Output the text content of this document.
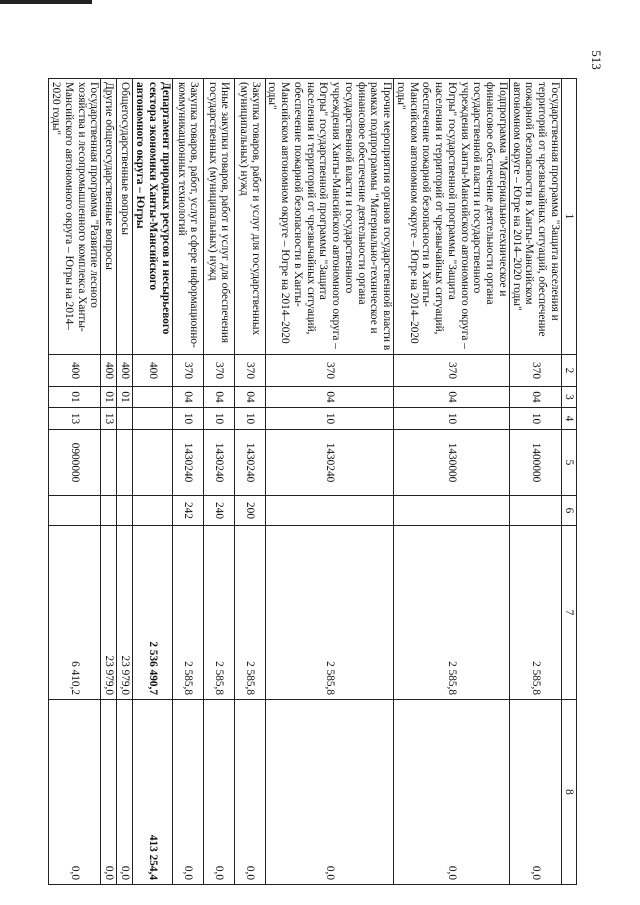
513
1	2	3	4	5	6	7	8
Государственная программа "Защита населения и территорий от чрезвычайных ситуаций, обеспечение пожарной безопасности в Ханты-Мансийском автономном округе – Югре на 2014–2020 годы"	370	04	10	1400000		2 585,8	0,0
Подпрограмма "Материально-техническое и финансовое обеспечение деятельности органа государственной власти и государственного учреждения Ханты-Мансийского автономного округа – Югры" государственной программы "Защита населения и территорий от чрезвычайных ситуаций, обеспечение пожарной безопасности в Ханты-Мансийском автономном округе – Югре на 2014–2020 годы"	370	04	10	1430000		2 585,8	0,0
Прочие мероприятия органов государственной власти в рамках подпрограммы "Материально-техническое и финансовое обеспечение деятельности органа государственной власти и государственного учреждения Ханты-Мансийского автономного округа – Югры" государственной программы "Защита населения и территорий от чрезвычайных ситуаций, обеспечение пожарной безопасности в Ханты-Мансийском автономном округе – Югре на 2014–2020 годы"	370	04	10	1430240		2 585,8	0,0
Закупка товаров, работ и услуг для государственных (муниципальных) нужд	370	04	10	1430240	200	2 585,8	0,0
Иные закупки товаров, работ и услуг для обеспечения государственных (муниципальных) нужд	370	04	10	1430240	240	2 585,8	0,0
Закупка товаров, работ, услуг в сфере информационно-коммуникационных технологий	370	04	10	1430240	242	2 585,8	0,0
Департамент природных ресурсов и несырьевого сектора экономики Ханты-Мансийского автономного округа – Югры	400					2 536 490,7	413 254,4
Общегосударственные вопросы	400	01				23 979,0	0,0
Другие общегосударственные вопросы	400	01	13			23 979,0	0,0
Государственная программа "Развитие лесного хозяйства и лесопромышленного комплекса Ханты-Мансийского автономного округа – Югры на 2014–2020 годы"	400	01	13	0900000		6 410,2	0,0
